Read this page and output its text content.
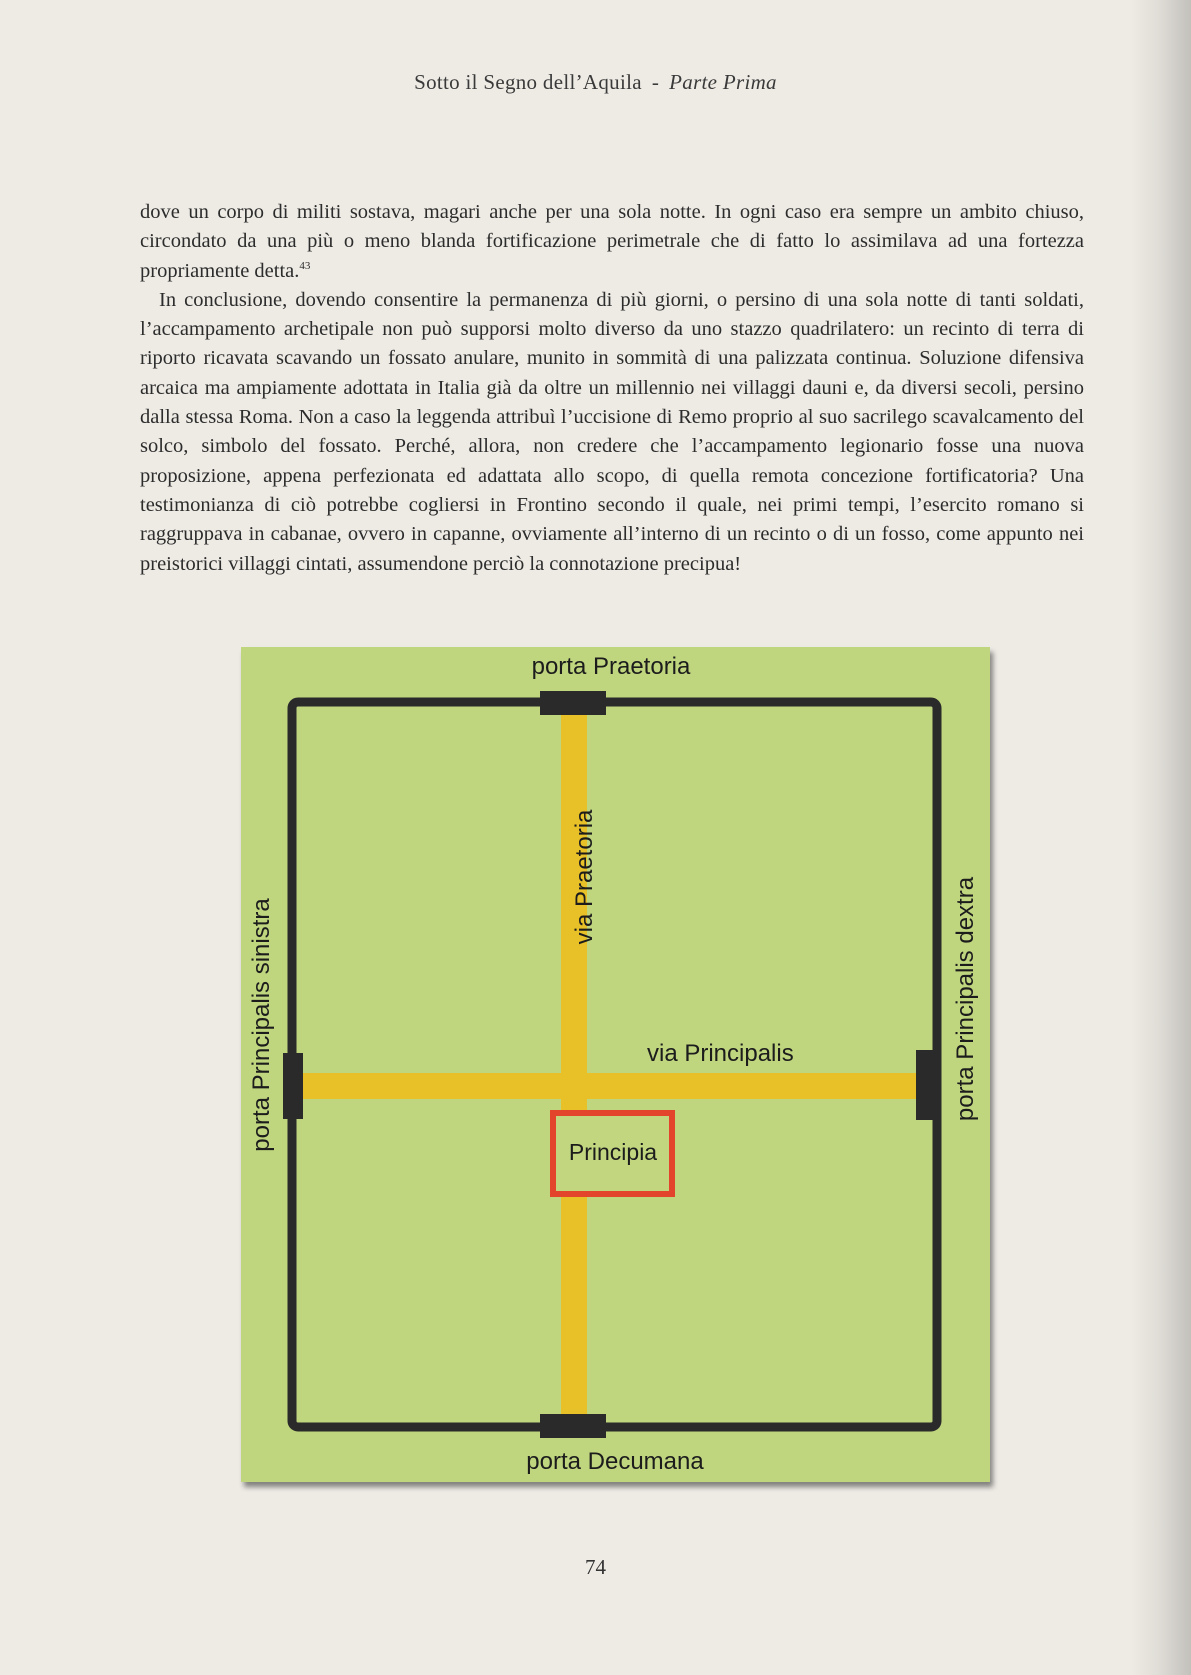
Sotto il Segno dell’Aquila - Parte Prima

dove un corpo di militi sostava, magari anche per una sola notte. In ogni caso era sempre un ambito chiuso, circondato da una più o meno blanda fortificazione perimetrale che di fatto lo assimilava ad una fortezza propriamente detta.$^{43}$

In conclusione, dovendo consentire la permanenza di più giorni, o persino di una sola notte di tanti soldati, l’accampamento archetipale non può supporsi molto diverso da uno stazzo quadrilatero: un recinto di terra di riporto ricavata scavando un fossato anulare, munito in sommità di una palizzata continua. Soluzione difensiva arcaica ma ampiamente adottata in Italia già da oltre un millennio nei villaggi dauni e, da diversi secoli, persino dalla stessa Roma. Non a caso la leggenda attribuì l’uccisione di Remo proprio al suo sacrilego scavalcamento del solco, simbolo del fossato. Perché, allora, non credere che l’accampamento legionario fosse una nuova proposizione, appena perfezionata ed adattata allo scopo, di quella remota concezione fortificatoria? Una testimonianza di ciò potrebbe cogliersi in Frontino secondo il quale, nei primi tempi, l’esercito romano si raggruppava in cabanae, ovvero in capanne, ovviamente all’interno di un recinto o di un fosso, come appunto nei preistorici villaggi cintati, assumendone perciò la connotazione precipua!

porta Praetoria
porta Decumana
Principia
via Principalis
via Praetoria
porta Principalis sinistra	porta Principalis dextra
74
